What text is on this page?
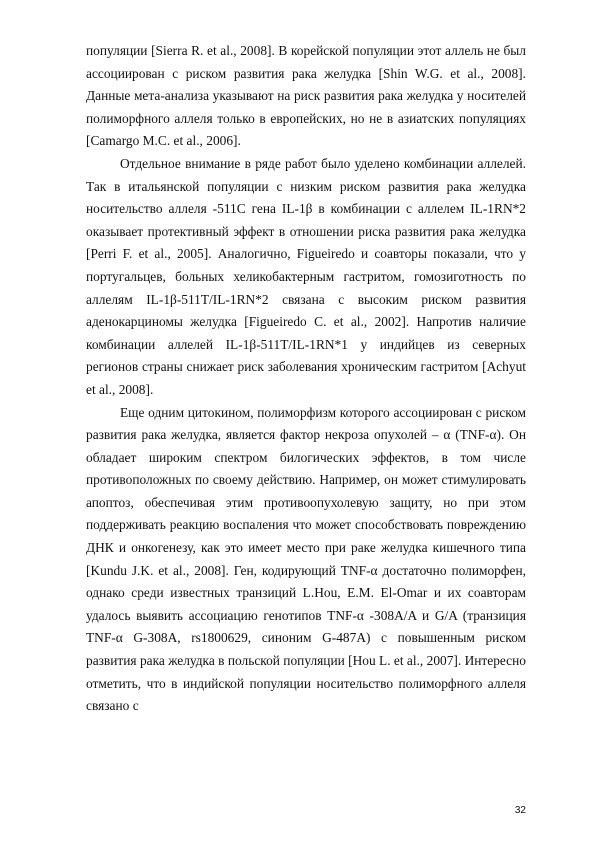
популяции [Sierra R. et al., 2008]. В корейской популяции этот аллель не был ассоциирован с риском развития рака желудка [Shin W.G. et al., 2008]. Данные мета-анализа указывают на риск развития рака желудка у носителей полиморфного аллеля только в европейских, но не в азиатских популяциях [Camargo M.C. et al., 2006].

Отдельное внимание в ряде работ было уделено комбинации аллелей. Так в итальянской популяции с низким риском развития рака желудка носительство аллеля -511С гена IL-1β в комбинации с аллелем IL-1RN*2 оказывает протективный эффект в отношении риска развития рака желудка [Perri F. et al., 2005]. Аналогично, Figueiredo и соавторы показали, что у португальцев, больных хеликобактерным гастритом, гомозиготность по аллелям IL-1β-511T/IL-1RN*2 связана с высоким риском развития аденокарциномы желудка [Figueiredo C. et al., 2002]. Напротив наличие комбинации аллелей IL-1β-511T/IL-1RN*1 у индийцев из северных регионов страны снижает риск заболевания хроническим гастритом [Achyut et al., 2008].

Еще одним цитокином, полиморфизм которого ассоциирован с риском развития рака желудка, является фактор некроза опухолей – α (TNF-α). Он обладает широким спектром билогических эффектов, в том числе противоположных по своему действию. Например, он может стимулировать апоптоз, обеспечивая этим противоопухолевую защиту, но при этом поддерживать реакцию воспаления что может способствовать повреждению ДНК и онкогенезу, как это имеет место при раке желудка кишечного типа [Kundu J.K. et al., 2008]. Ген, кодирующий TNF-α достаточно полиморфен, однако среди известных транзиций L.Hou, E.M. El-Omar и их соавторам удалось выявить ассоциацию генотипов TNF-α -308A/A и G/A (транзиция TNF-α G-308A, rs1800629, синоним G-487A) с повышенным риском развития рака желудка в польской популяции [Hou L. et al., 2007]. Интересно отметить, что в индийской популяции носительство полиморфного аллеля связано с

32
